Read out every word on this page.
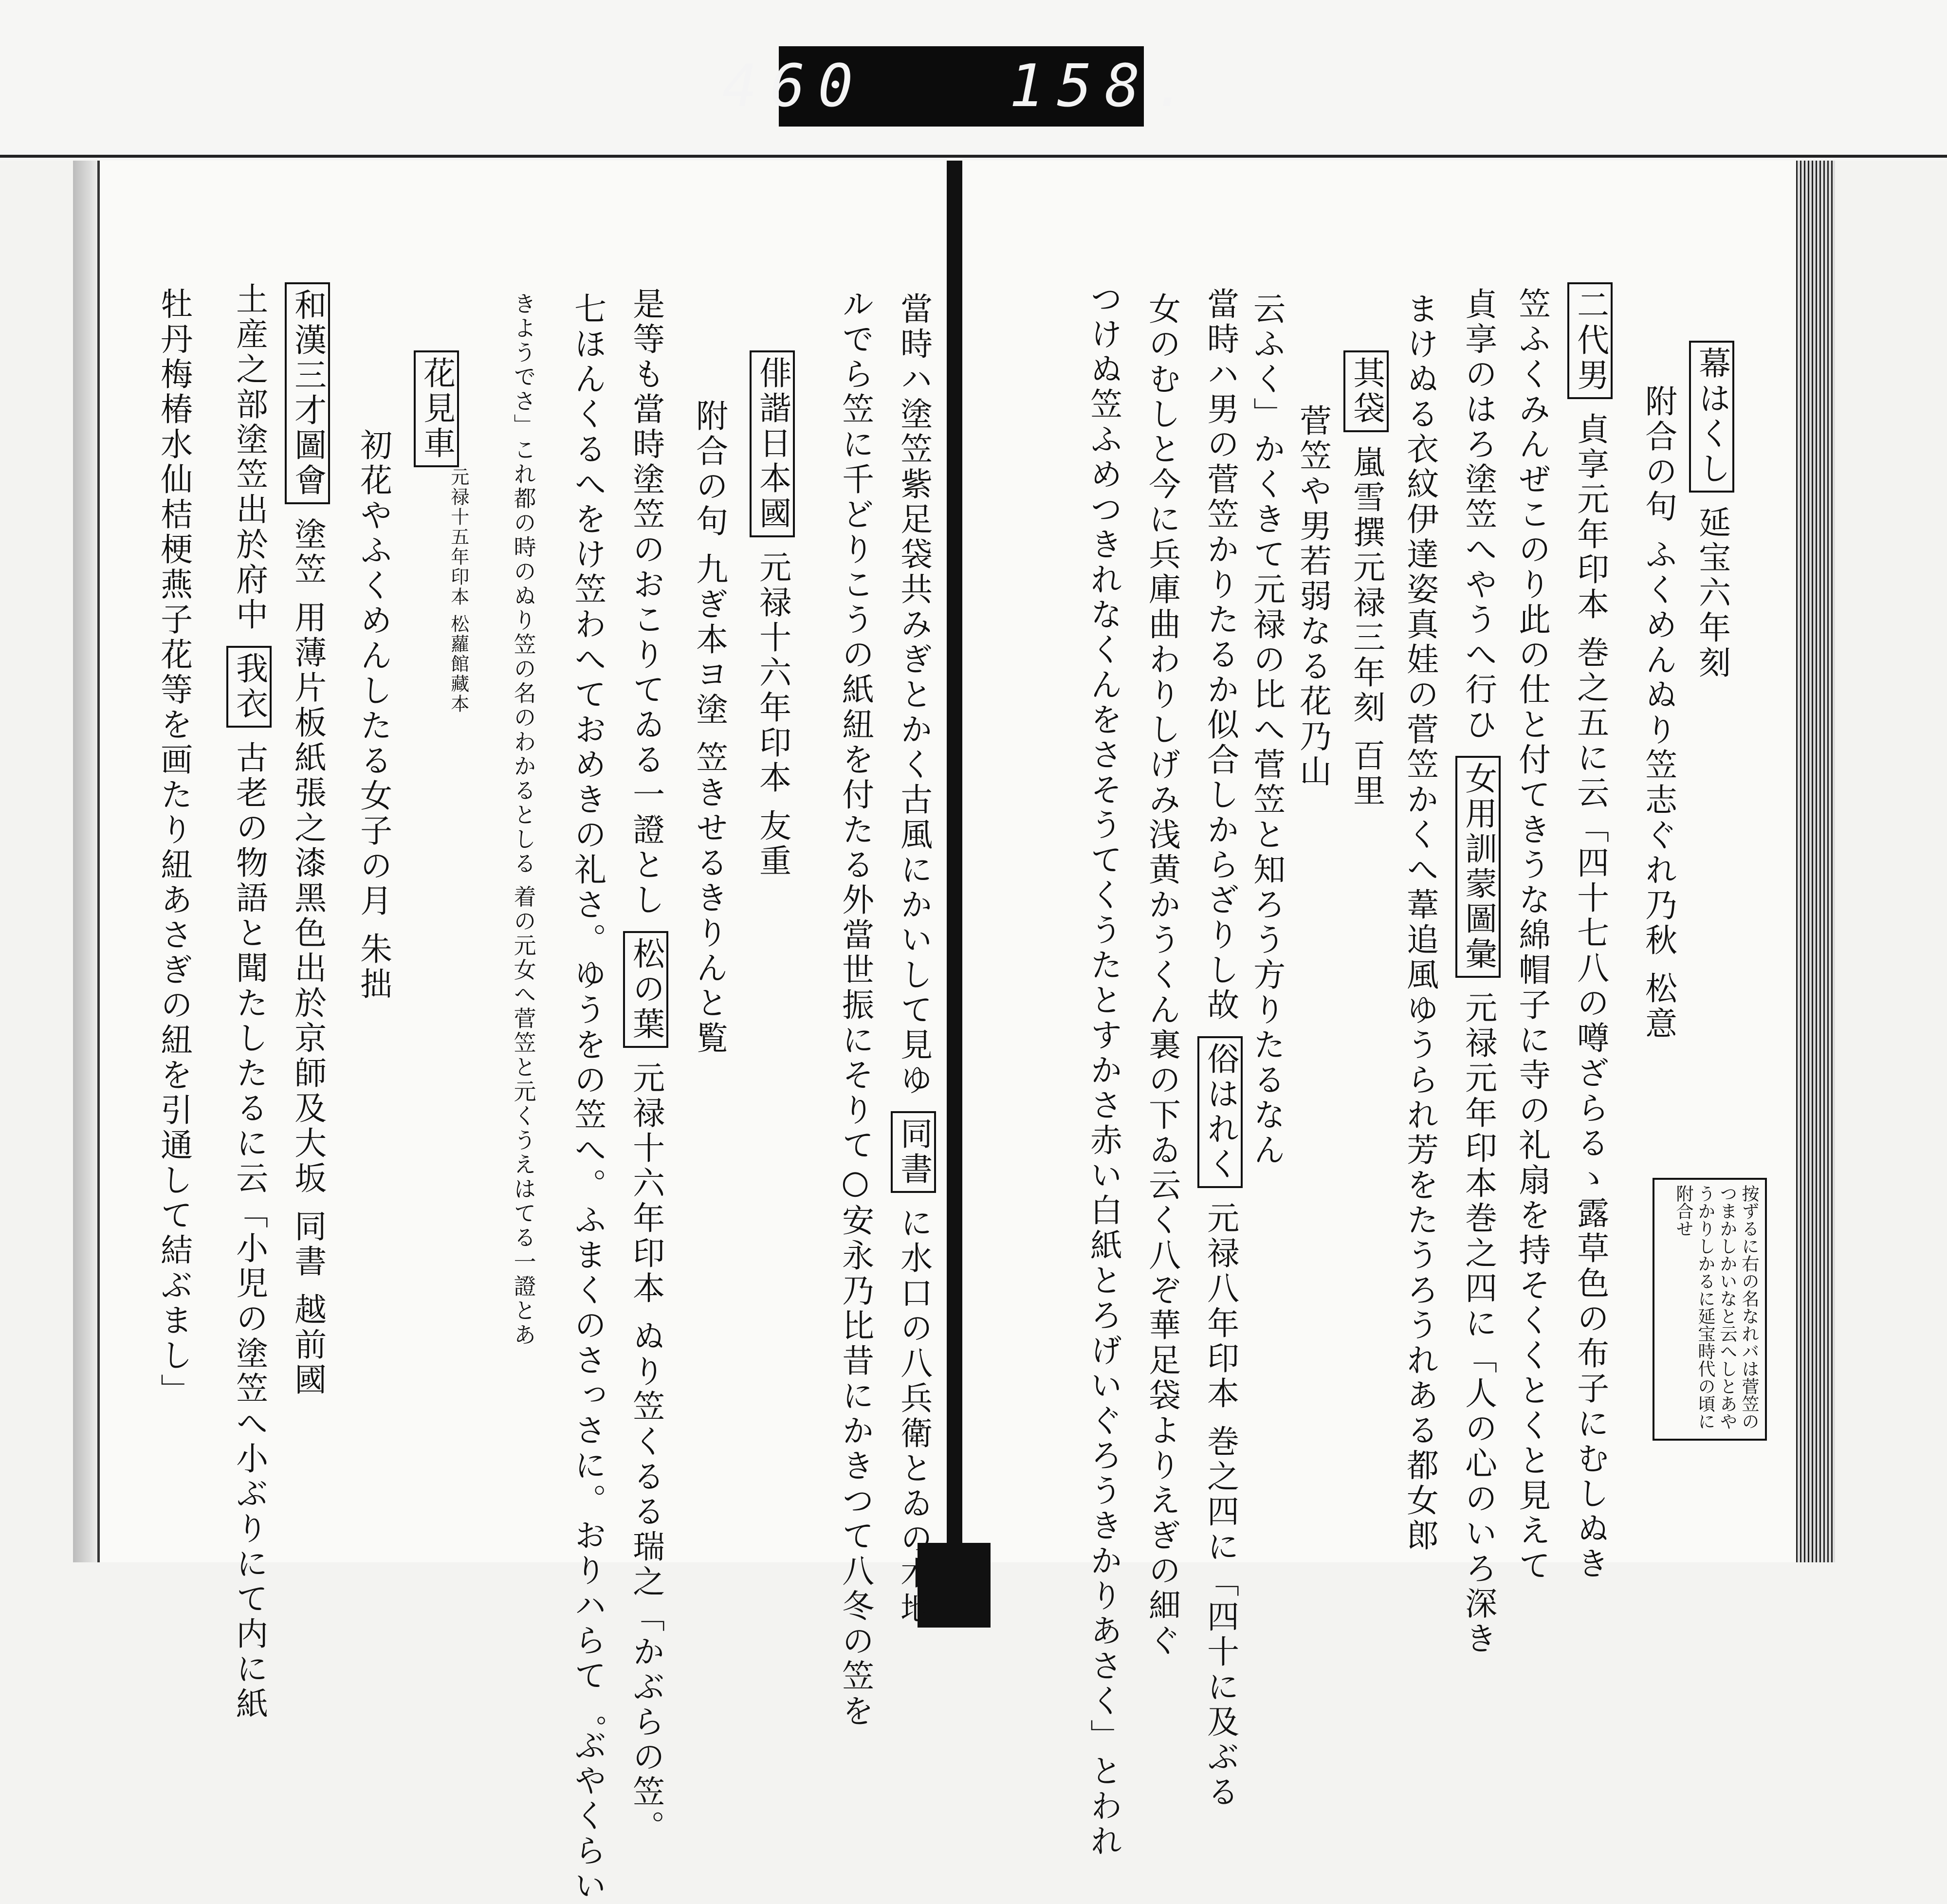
460
158.
幕はくし 延宝六年刻
附合の句 ふくめんぬり笠志ぐれ乃秋 松意
二代男 貞享元年印本 巻之五に云「四十七八の噂ざらるゝ露草色の布子にむしぬき
笠ふくみんぜこのり此の仕と付てきうな綿帽子に寺の礼扇を持そくくとくと見えて
貞享のはろ塗笠へやうへ行ひ 女用訓蒙圖彙 元禄元年印本巻之四に「人の心のいろ深き
まけぬる衣紋伊達姿真娃の菅笠かくへ葦追風ゆうられ芳をたうろうれある都女郎
其袋 嵐雪撰元禄三年刻 百里
菅笠や男若弱なる花乃山
云ふく」かくきて元禄の比へ菅笠と知ろう方りたるなん
當時ハ男の菅笠かりたるか似合しからざりし故 俗はれく 元禄八年印本 巻之四に「四十に及ぶる
女のむしと今に兵庫曲わりしげみ浅黄かうくん裏の下ゐ云く八ぞ華足袋よりえぎの細ぐ
つけぬ笠ふめつきれなくんをさそうてくうたとすかさ赤い白紙とろげいぐろうきかりあさく」とわれ	按ずるに右の名なれバは菅笠のつまかしかいなと云へしとあやうかりしかるに延宝時代の頃に附合せ
當時ハ塗笠紫足袋共みぎとかく古風にかいして見ゆ 同書 に水口の八兵衛とゐの木地
ルでら笠に千どりこうの紙紐を付たる外當世振にそりて○安永乃比昔にかきつて八冬の笠を
俳諧日本國 元禄十六年印本 友重
附合の句 九ぎ本ヨ塗 笠きせるきりんと覧
是等も當時塗笠のおこりてゐる一證とし 松の葉 元禄十六年印本 ぬり笠くるる瑞之「かぶらの笠。
七ほんくるへをけ笠わへておめきの礼さ。ゆうをの笠へ。ふまくのさっさに。おりハらて゜ぶやくらい
きようでさ」これ都の時のぬり笠の名のわかるとしる 着の元女へ菅笠と元くうえはてる一證とあ
元禄十五年印本 松蘿館藏本
花見車
初花やふくめんしたる女子の月 朱拙
和漢三才圖會 塗笠 用薄片板紙張之漆黑色出於京師及大坂 同書 越前國
土産之部塗笠出於府中 我衣 古老の物語と聞たしたるに云「小児の塗笠へ小ぶりにて内に紙
牡丹梅椿水仙桔梗燕子花等を画たり紐あさぎの紐を引通して結ぶまし」
